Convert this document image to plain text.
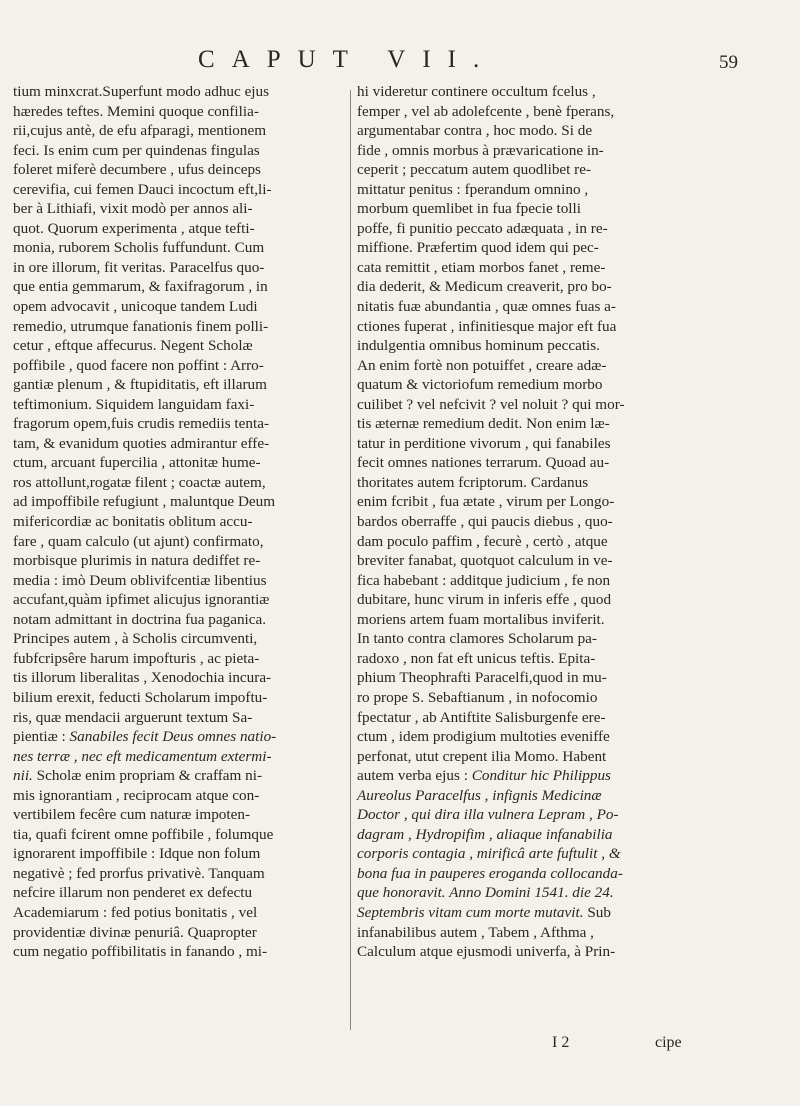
CAPUT VII.	59
tium minxcrat.Superfunt modo adhuc ejus
hæredes teftes. Memini quoque confilia-
rii,cujus antè, de efu afparagi, mentionem
feci. Is enim cum per quindenas fingulas
foleret miferè decumbere , ufus deinceps
cerevifia, cui femen Dauci incoctum eft,li-
ber à Lithiafi, vixit modò per annos ali-
quot. Quorum experimenta , atque tefti-
monia, ruborem Scholis fuffundunt. Cum
in ore illorum, fit veritas. Paracelfus quo-
que entia gemmarum, & faxifragorum , in
opem advocavit , unicoque tandem Ludi
remedio, utrumque fanationis finem polli-
cetur , eftque affecurus. Negent Scholæ
poffibile , quod facere non poffint : Arro-
gantiæ plenum , & ftupiditatis, eft illarum
teftimonium. Siquidem languidam faxi-
fragorum opem,fuis crudis remediis tenta-
tam, & evanidum quoties admirantur effe-
ctum, arcuant fupercilia , attonitæ hume-
ros attollunt,rogatæ filent ; coactæ autem,
ad impoffibile refugiunt , maluntque Deum
mifericordiæ ac bonitatis oblitum accu-
fare , quam calculo (ut ajunt) confirmato,
morbisque plurimis in natura dediffet re-
media : imò Deum oblivifcentiæ libentius
accufant,quàm ipfimet alicujus ignorantiæ
notam admittant in doctrina fua paganica.
Principes autem , à Scholis circumventi,
fubfcripsêre harum impofturis , ac pieta-
tis illorum liberalitas , Xenodochia incura-
bilium erexit, feducti Scholarum impoftu-
ris, quæ mendacii arguerunt textum Sa-
pientiæ : Sanabiles fecit Deus omnes natio-
nes terræ , nec eft medicamentum extermi-
nii. Scholæ enim propriam & craffam ni-
mis ignorantiam , reciprocam atque con-
vertibilem fecêre cum naturæ impoten-
tia, quafi fcirent omne poffibile , folumque
ignorarent impoffibile : Idque non folum
negativè ; fed prorfus privativè. Tanquam
nefcire illarum non penderet ex defectu
Academiarum : fed potius bonitatis , vel
providentiæ divinæ penuriâ. Quapropter
cum negatio poffibilitatis in fanando , mi-
hi videretur continere occultum fcelus ,
femper , vel ab adolefcente , benè fperans,
argumentabar contra , hoc modo. Si de
fide , omnis morbus à prævaricatione in-
ceperit ; peccatum autem quodlibet re-
mittatur penitus : fperandum omnino ,
morbum quemlibet in fua fpecie tolli
poffe, fi punitio peccato adæquata , in re-
miffione. Præfertim quod idem qui pec-
cata remittit , etiam morbos fanet , reme-
dia dederit, & Medicum creaverit, pro bo-
nitatis fuæ abundantia , quæ omnes fuas a-
ctiones fuperat , infinitiesque major eft fua
indulgentia omnibus hominum peccatis.
An enim fortè non potuiffet , creare adæ-
quatum & victoriofum remedium morbo
cuilibet ? vel nefcivit ? vel noluit ? qui mor-
tis æternæ remedium dedit. Non enim læ-
tatur in perditione vivorum , qui fanabiles
fecit omnes nationes terrarum. Quoad au-
thoritates autem fcriptorum. Cardanus
enim fcribit , fua ætate , virum per Longo-
bardos oberraffe , qui paucis diebus , quo-
dam poculo paffim , fecurè , certò , atque
breviter fanabat, quotquot calculum in ve-
fica habebant : additque judicium , fe non
dubitare, hunc virum in inferis effe , quod
moriens artem fuam mortalibus inviferit.
In tanto contra clamores Scholarum pa-
radoxo , non fat eft unicus teftis. Epita-
phium Theophrafti Paracelfi,quod in mu-
ro prope S. Sebaftianum , in nofocomio
fpectatur , ab Antiftite Salisburgenfe ere-
ctum , idem prodigium multoties eveniffe
perfonat, utut crepent ilia Momo. Habent
autem verba ejus : Conditur hic Philippus
Aureolus Paracelfus , infignis Medicinæ
Doctor , qui dira illa vulnera Lepram , Po-
dagram , Hydropifim , aliaque infanabilia
corporis contagia , mirificâ arte fuftulit , &
bona fua in pauperes eroganda collocanda-
que honoravit. Anno Domini 1541. die 24.
Septembris vitam cum morte mutavit. Sub
infanabilibus autem , Tabem , Afthma ,
Calculum atque ejusmodi univerfa, à Prin-
I 2	cipe
